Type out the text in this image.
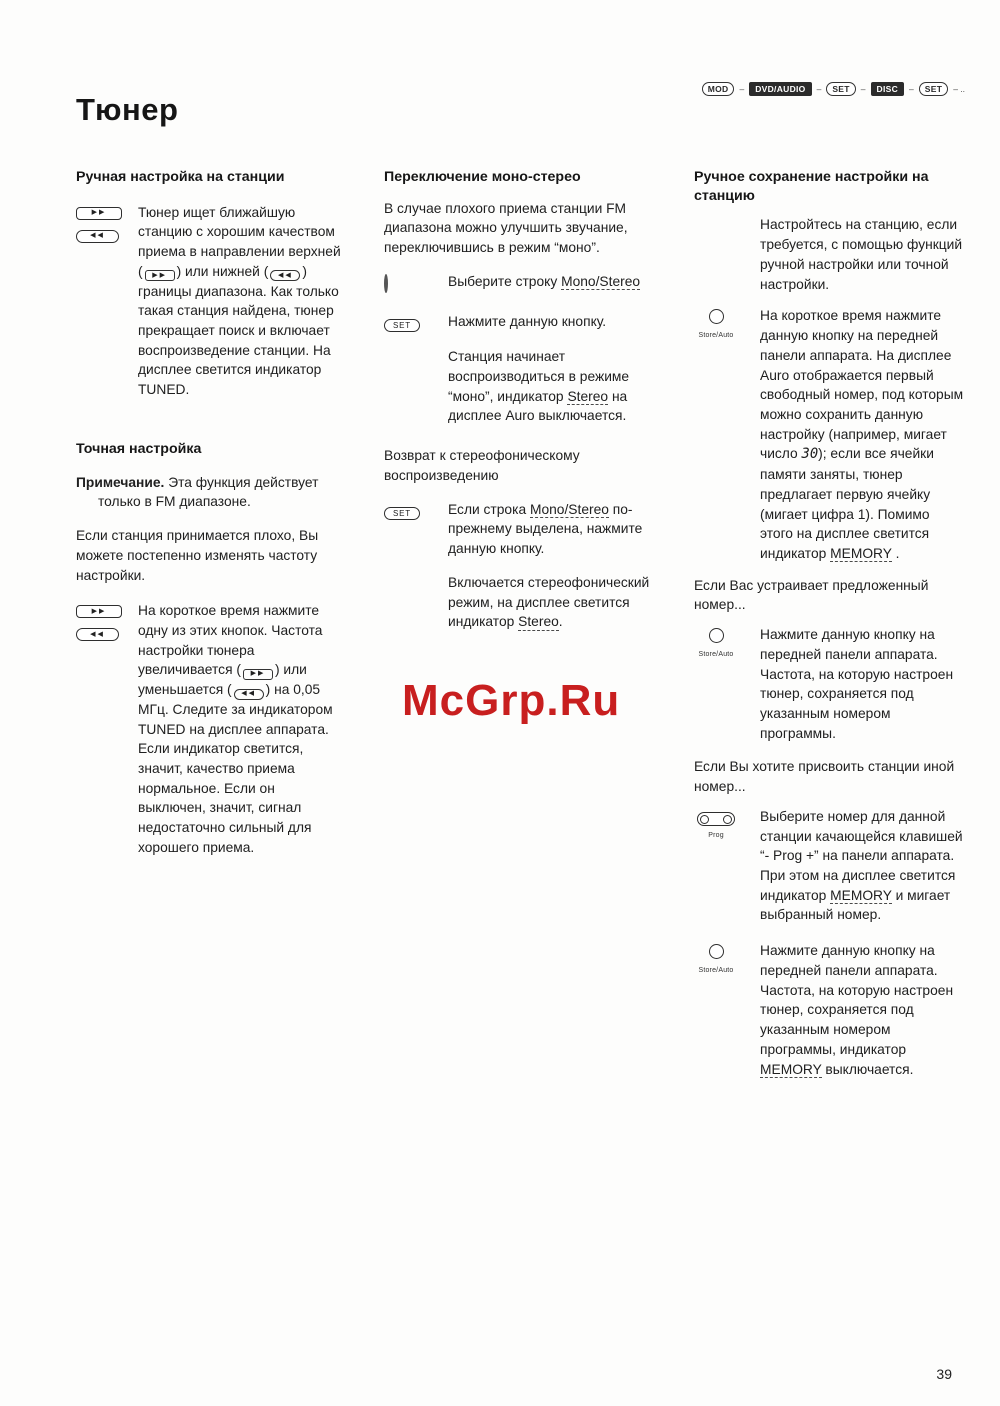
MOD	–	DVD/AUDIO	–	SET	–	DISC	–	SET	– ..
Тюнер
Ручная настройка на станции
▶▶
◀◀

Тюнер ищет ближайшую станцию с хорошим качеством приема в направлении верхней ( ▶▶ ) или нижней ( ◀◀ ) границы диапазона. Как только такая станция найдена, тюнер прекращает поиск и включает воспроизведение станции. На дисплее светится индикатор TUNED.

Точная настройка

Примечание. Эта функция действует только в FM диапазоне.

Если станция принимается плохо, Вы можете постепенно изменять частоту настройки.

▶▶
◀◀

На короткое время нажмите одну из этих кнопок. Частота настройки тюнера увеличивается ( ▶▶ ) или уменьшается ( ◀◀ ) на 0,05 МГц. Следите за индикатором TUNED на дисплее аппарата. Если индикатор светится, значит, качество приема нормальное. Если он выключен, значит, сигнал недостаточно сильный для хорошего приема.

Переключение моно-стерео

В случае плохого приема станции FM диапазона можно улучшить звучание, переключившись в режим “моно”.

Выберите строку Mono/Stereo

SET	Нажмите данную кнопку.

Станция начинает воспроизводиться в режиме “моно”, индикатор Stereo на дисплее Auro выключается.

Возврат к стереофоническому воспроизведению

SET	Если строка Mono/Stereo по-прежнему выделена, нажмите данную кнопку.

Включается стереофонический режим, на дисплее светится индикатор Stereo.

Ручное сохранение настройки на станцию

Настройтесь на станцию, если требуется, с помощью функций ручной настройки или точной настройки.

Store/Auto

На короткое время нажмите данную кнопку на передней панели аппарата. На дисплее Auro отображается первый свободный номер, под которым можно сохранить данную настройку (например, мигает число 30); если все ячейки памяти заняты, тюнер предлагает первую ячейку (мигает цифра 1). Помимо этого на дисплее светится индикатор MEMORY .

Если Вас устраивает предложенный номер...

Store/Auto

Нажмите данную кнопку на передней панели аппарата. Частота, на которую настроен тюнер, сохраняется под указанным номером программы.

Если Вы хотите присвоить станции иной номер...

Prog

Выберите номер для данной станции качающейся клавишей “- Prog +” на панели аппарата. При этом на дисплее светится индикатор MEMORY и мигает выбранный номер.

Store/Auto

Нажмите данную кнопку на передней панели аппарата. Частота, на которую настроен тюнер, сохраняется под указанным номером программы, индикатор MEMORY выключается.

McGrp.Ru
39
